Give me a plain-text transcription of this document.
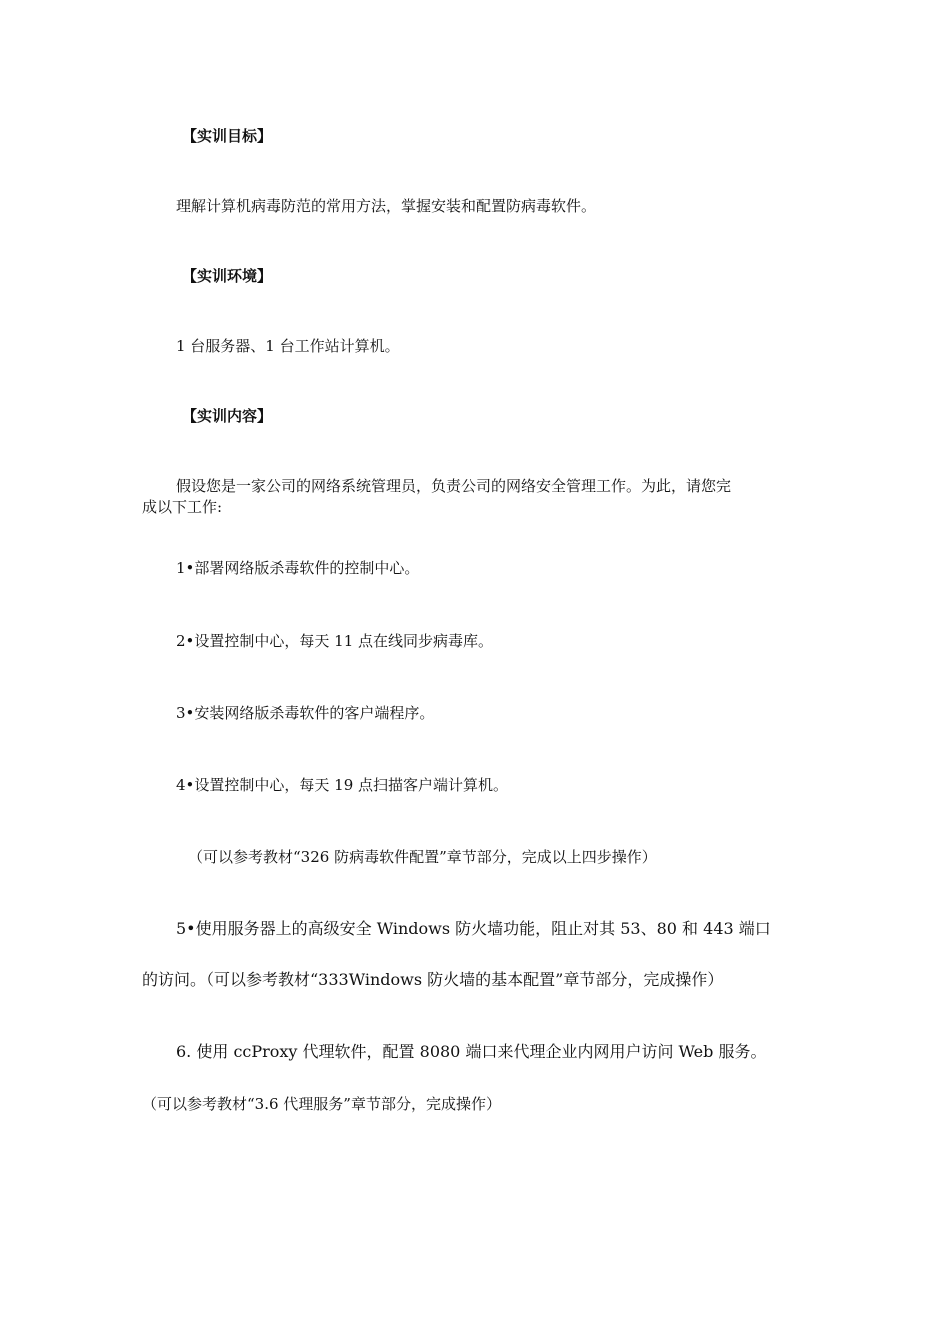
【实训目标】
理解计算机病毒防范的常用方法，掌握安装和配置防病毒软件。
【实训环境】
1 台服务器、1 台工作站计算机。
【实训内容】
假设您是一家公司的网络系统管理员，负责公司的网络安全管理工作。为此，请您完
成以下工作:
1•部署网络版杀毒软件的控制中心。
2•设置控制中心，每天 11 点在线同步病毒库。
3•安装网络版杀毒软件的客户端程序。
4•设置控制中心，每天 19 点扫描客户端计算机。
（可以参考教材“326 防病毒软件配置”章节部分，完成以上四步操作）
5•使用服务器上的高级安全 Windows 防火墙功能，阻止对其 53、80 和 443 端口
的访问。（可以参考教材“333Windows 防火墙的基本配置”章节部分，完成操作）
6. 使用 ccProxy 代理软件，配置 8080 端口来代理企业内网用户访问 Web 服务。
（可以参考教材“3.6 代理服务”章节部分，完成操作）
